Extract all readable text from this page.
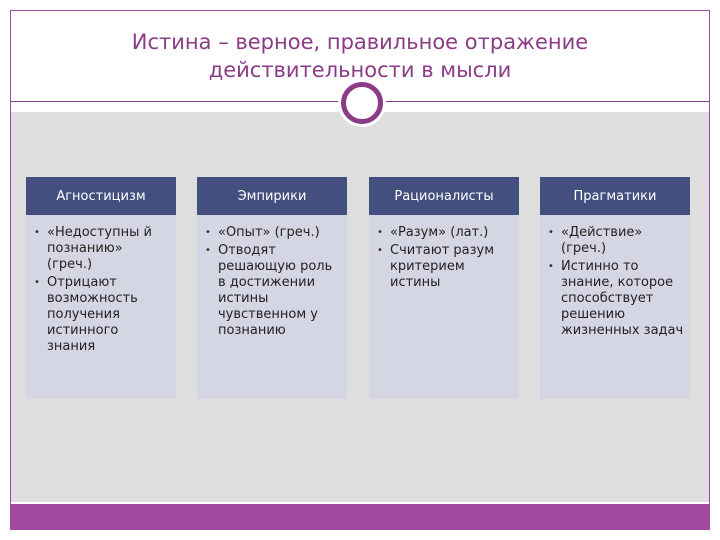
Истина – верное, правильное отражение действительности в мысли
Агностицизм
• «Недоступны й познанию» (греч.)
• Отрицают возможность получения истинного знания
Эмпирики
• «Опыт» (греч.)
• Отводят решающую роль в достижении истины чувственном у познанию
Рационалисты
• «Разум» (лат.)
• Считают разум критерием истины
Прагматики
• «Действие» (греч.)
• Истинно то знание, которое способствует решению жизненных задач
